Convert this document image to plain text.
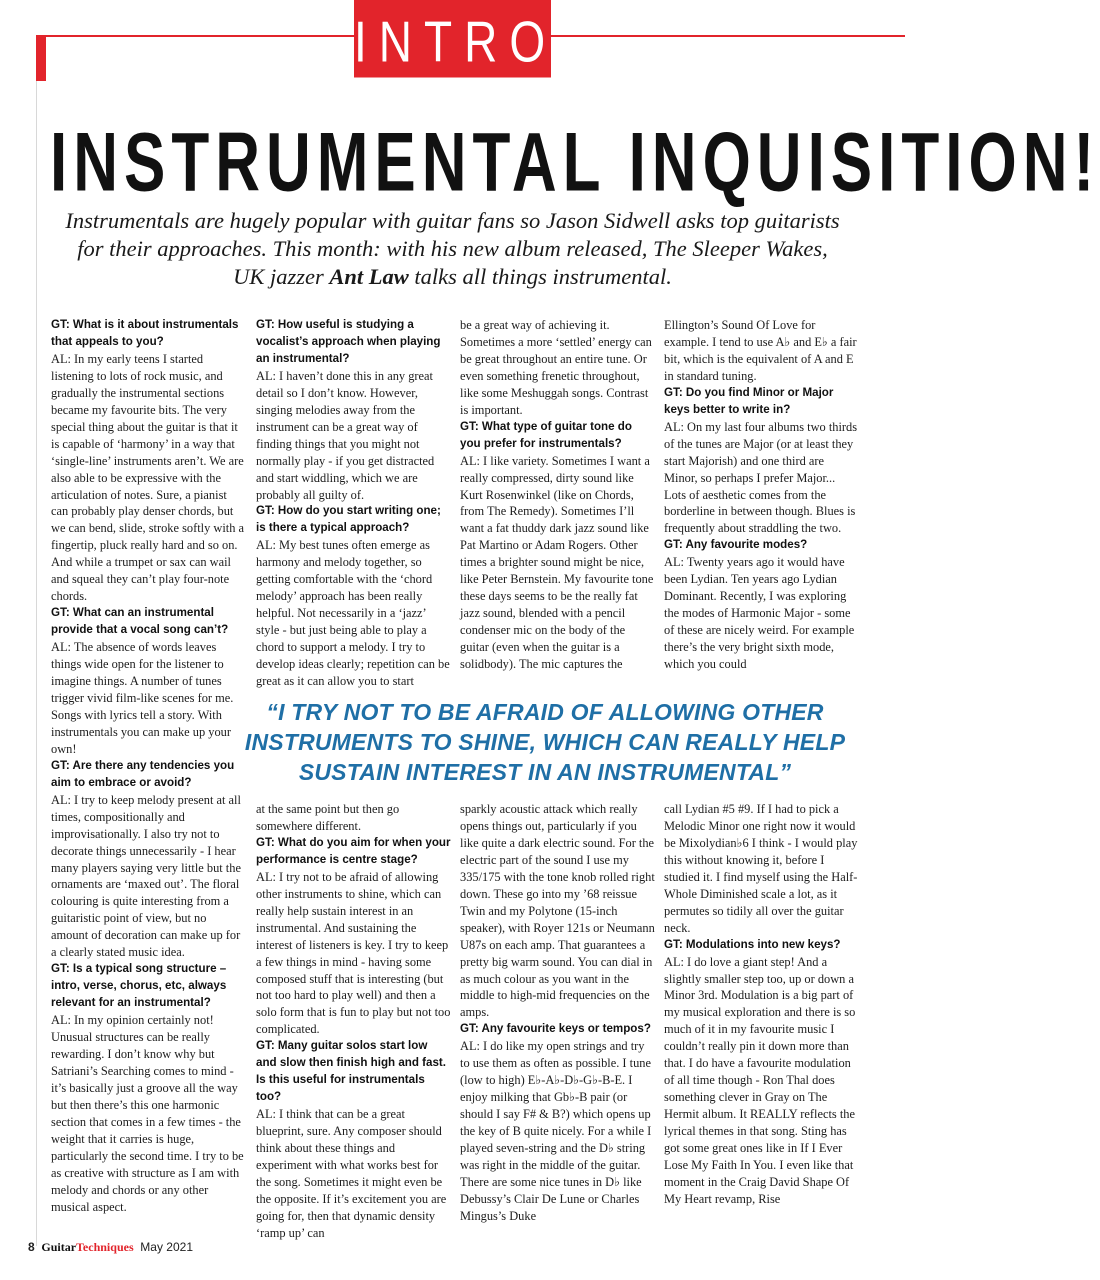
INTRO
INSTRUMENTAL INQUISITION!
Instrumentals are hugely popular with guitar fans so Jason Sidwell asks top guitarists for their approaches. This month: with his new album released, The Sleeper Wakes, UK jazzer Ant Law talks all things instrumental.

GT: What is it about instrumentals that appeals to you?

AL: In my early teens I started listening to lots of rock music, and gradually the instrumental sections became my favourite bits. The very special thing about the guitar is that it is capable of ‘harmony’ in a way that ‘single-line’ instruments aren’t. We are also able to be expressive with the articulation of notes. Sure, a pianist can probably play denser chords, but we can bend, slide, stroke softly with a fingertip, pluck really hard and so on. And while a trumpet or sax can wail and squeal they can’t play four-note chords.

GT: What can an instrumental provide that a vocal song can’t?

AL: The absence of words leaves things wide open for the listener to imagine things. A number of tunes trigger vivid film-like scenes for me. Songs with lyrics tell a story. With instrumentals you can make up your own!

GT: Are there any tendencies you aim to embrace or avoid?

AL: I try to keep melody present at all times, compositionally and improvisationally. I also try not to decorate things unnecessarily - I hear many players saying very little but the ornaments are ‘maxed out’. The floral colouring is quite interesting from a guitaristic point of view, but no amount of decoration can make up for a clearly stated music idea.

GT: Is a typical song structure – intro, verse, chorus, etc, always relevant for an instrumental?

AL: In my opinion certainly not! Unusual structures can be really rewarding. I don’t know why but Satriani’s Searching comes to mind - it’s basically just a groove all the way but then there’s this one harmonic section that comes in a few times - the weight that it carries is huge, particularly the second time. I try to be as creative with structure as I am with melody and chords or any other musical aspect.

GT: How useful is studying a vocalist’s approach when playing an instrumental?

AL: I haven’t done this in any great detail so I don’t know. However, singing melodies away from the instrument can be a great way of finding things that you might not normally play - if you get distracted and start widdling, which we are probably all guilty of.

GT: How do you start writing one; is there a typical approach?

AL: My best tunes often emerge as harmony and melody together, so getting comfortable with the ‘chord melody’ approach has been really helpful. Not necessarily in a ‘jazz’ style - but just being able to play a chord to support a melody. I try to develop ideas clearly; repetition can be great as it can allow you to start

be a great way of achieving it. Sometimes a more ‘settled’ energy can be great throughout an entire tune. Or even something frenetic throughout, like some Meshuggah songs. Contrast is important.

GT: What type of guitar tone do you prefer for instrumentals?

AL: I like variety. Sometimes I want a really compressed, dirty sound like Kurt Rosenwinkel (like on Chords, from The Remedy). Sometimes I’ll want a fat thuddy dark jazz sound like Pat Martino or Adam Rogers. Other times a brighter sound might be nice, like Peter Bernstein. My favourite tone these days seems to be the really fat jazz sound, blended with a pencil condenser mic on the body of the guitar (even when the guitar is a solidbody). The mic captures the

Ellington’s Sound Of Love for example. I tend to use A♭ and E♭ a fair bit, which is the equivalent of A and E in standard tuning.

GT: Do you find Minor or Major keys better to write in?

AL: On my last four albums two thirds of the tunes are Major (or at least they start Majorish) and one third are Minor, so perhaps I prefer Major... Lots of aesthetic comes from the borderline in between though. Blues is frequently about straddling the two.

GT: Any favourite modes?

AL: Twenty years ago it would have been Lydian. Ten years ago Lydian Dominant. Recently, I was exploring the modes of Harmonic Major - some of these are nicely weird. For example there’s the very bright sixth mode, which you could

“I TRY NOT TO BE AFRAID OF ALLOWING OTHER INSTRUMENTS TO SHINE, WHICH CAN REALLY HELP SUSTAIN INTEREST IN AN INSTRUMENTAL”

at the same point but then go somewhere different.

GT: What do you aim for when your performance is centre stage?

AL: I try not to be afraid of allowing other instruments to shine, which can really help sustain interest in an instrumental. And sustaining the interest of listeners is key. I try to keep a few things in mind - having some composed stuff that is interesting (but not too hard to play well) and then a solo form that is fun to play but not too complicated.

GT: Many guitar solos start low and slow then finish high and fast. Is this useful for instrumentals too?

AL: I think that can be a great blueprint, sure. Any composer should think about these things and experiment with what works best for the song. Sometimes it might even be the opposite. If it’s excitement you are going for, then that dynamic density ‘ramp up’ can

sparkly acoustic attack which really opens things out, particularly if you like quite a dark electric sound. For the electric part of the sound I use my 335/175 with the tone knob rolled right down. These go into my ’68 reissue Twin and my Polytone (15-inch speaker), with Royer 121s or Neumann U87s on each amp. That guarantees a pretty big warm sound. You can dial in as much colour as you want in the middle to high-mid frequencies on the amps.

GT: Any favourite keys or tempos?

AL: I do like my open strings and try to use them as often as possible. I tune (low to high) E♭-A♭-D♭-G♭-B-E. I enjoy milking that Gb♭-B pair (or should I say F# & B?) which opens up the key of B quite nicely. For a while I played seven-string and the D♭ string was right in the middle of the guitar. There are some nice tunes in D♭ like Debussy’s Clair De Lune or Charles Mingus’s Duke

call Lydian #5 #9. If I had to pick a Melodic Minor one right now it would be Mixolydian♭6 I think - I would play this without knowing it, before I studied it. I find myself using the Half-Whole Diminished scale a lot, as it permutes so tidily all over the guitar neck.

GT: Modulations into new keys?

AL: I do love a giant step! And a slightly smaller step too, up or down a Minor 3rd. Modulation is a big part of my musical exploration and there is so much of it in my favourite music I couldn’t really pin it down more than that. I do have a favourite modulation of all time though - Ron Thal does something clever in Gray on The Hermit album. It REALLY reflects the lyrical themes in that song. Sting has got some great ones like in If I Ever Lose My Faith In You. I even like that moment in the Craig David Shape Of My Heart revamp, Rise

8 GuitarTechniques May 2021
